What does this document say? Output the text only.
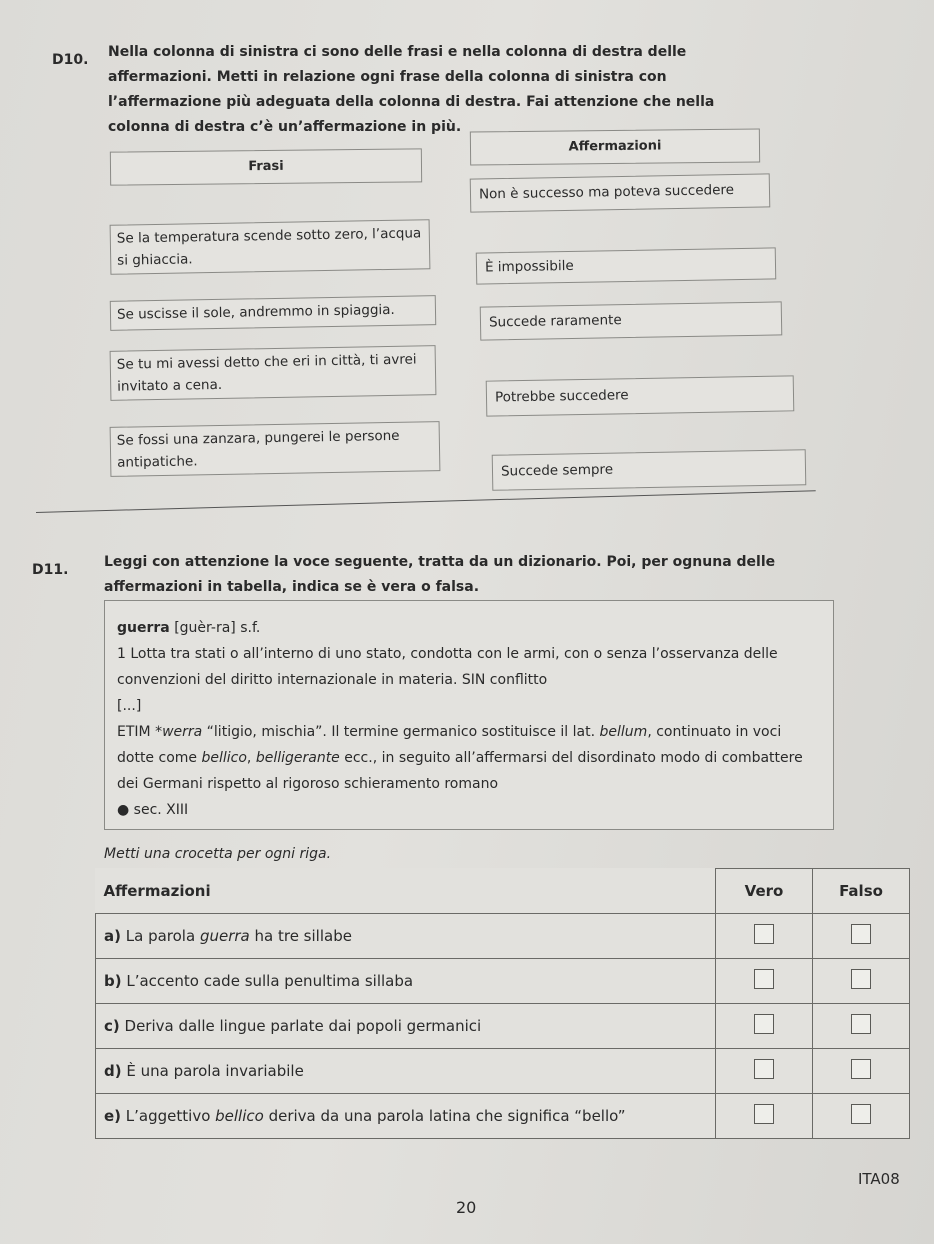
D10. Nella colonna di sinistra ci sono delle frasi e nella colonna di destra delle affermazioni. Metti in relazione ogni frase della colonna di sinistra con l’affermazione più adeguata della colonna di destra. Fai attenzione che nella colonna di destra c’è un’affermazione in più.
Frasi
Affermazioni
Se la temperatura scende sotto zero, l’acqua si ghiaccia.
Se uscisse il sole, andremmo in spiaggia.
Se tu mi avessi detto che eri in città, ti avrei invitato a cena.
Se fossi una zanzara, pungerei le persone antipatiche.
Non è successo ma poteva succedere
È impossibile
Succede raramente
Potrebbe succedere
Succede sempre
D11.	Leggi con attenzione la voce seguente, tratta da un dizionario. Poi, per ognuna delle affermazioni in tabella, indica se è vera o falsa.

guerra [guèr-ra] s.f.

1 Lotta tra stati o all’interno di uno stato, condotta con le armi, con o senza l’osservanza delle convenzioni del diritto internazionale in materia. SIN conflitto

[...]

ETIM *werra “litigio, mischia”. Il termine germanico sostituisce il lat. bellum, continuato in voci dotte come bellico, belligerante ecc., in seguito all’affermarsi del disordinato modo di combattere dei Germani rispetto al rigoroso schieramento romano

● sec. XIII

Metti una crocetta per ogni riga.
Affermazioni	Vero	Falso
a) La parola guerra ha tre sillabe		
b) L’accento cade sulla penultima sillaba		
c) Deriva dalle lingue parlate dai popoli germanici		
d) È una parola invariabile		
e) L’aggettivo bellico deriva da una parola latina che significa “bello”		
ITA08
20
